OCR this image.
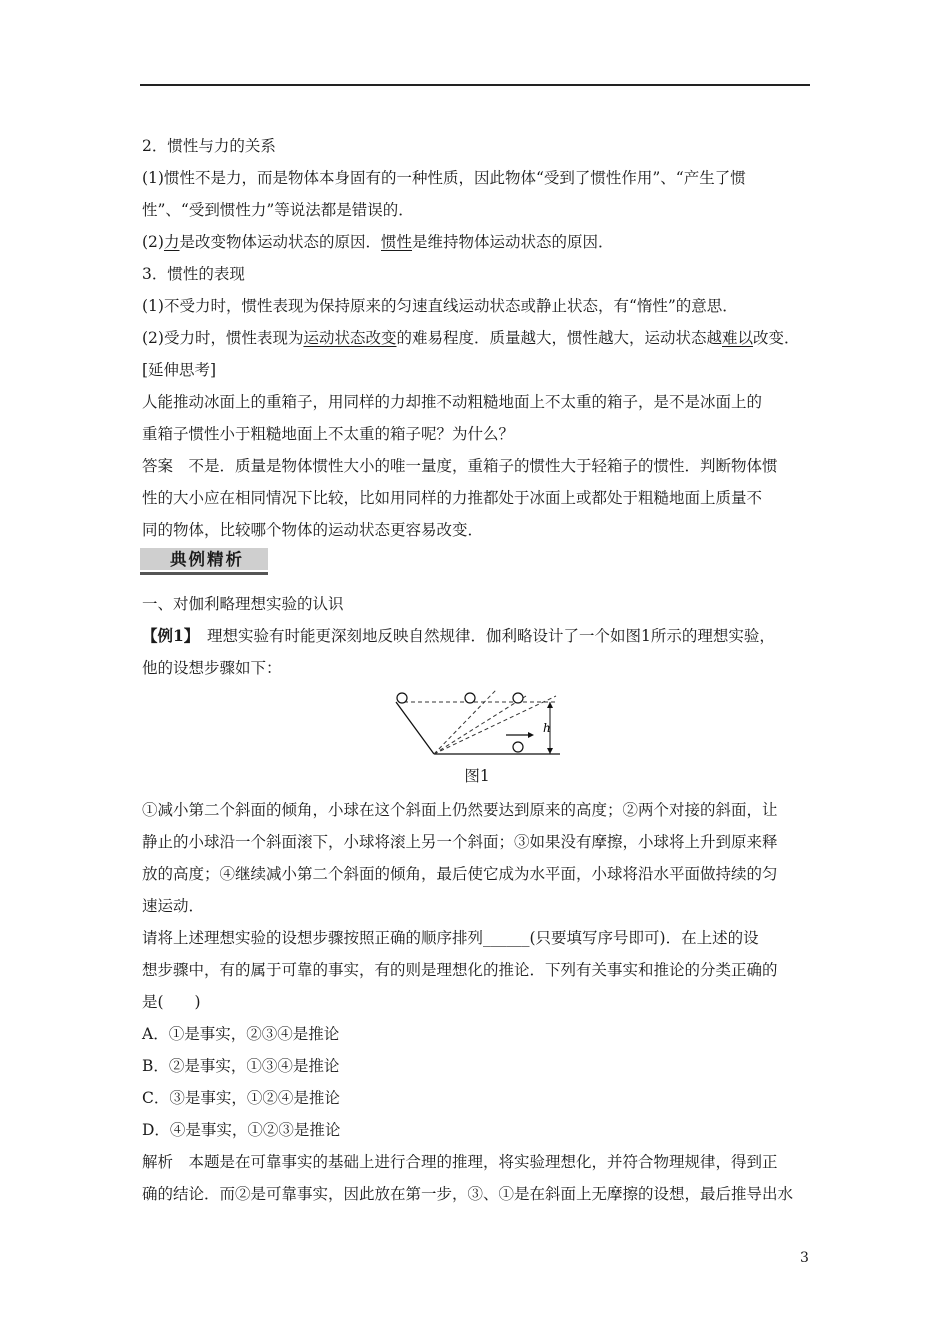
2．惯性与力的关系
(1)惯性不是力，而是物体本身固有的一种性质，因此物体“受到了惯性作用”、“产生了惯
性”、“受到惯性力”等说法都是错误的．
(2)力是改变物体运动状态的原因．惯性是维持物体运动状态的原因．
3．惯性的表现
(1)不受力时，惯性表现为保持原来的匀速直线运动状态或静止状态，有“惰性”的意思．
(2)受力时，惯性表现为运动状态改变的难易程度．质量越大，惯性越大，运动状态越难以改变．
[延伸思考]
人能推动冰面上的重箱子，用同样的力却推不动粗糙地面上不太重的箱子，是不是冰面上的
重箱子惯性小于粗糙地面上不太重的箱子呢？为什么？
答案　不是．质量是物体惯性大小的唯一量度，重箱子的惯性大于轻箱子的惯性．判断物体惯
性的大小应在相同情况下比较，比如用同样的力推都处于冰面上或都处于粗糙地面上质量不
同的物体，比较哪个物体的运动状态更容易改变．
典例精析
一、对伽利略理想实验的认识
【例1】　理想实验有时能更深刻地反映自然规律．伽利略设计了一个如图1所示的理想实验，
他的设想步骤如下：
h
图1
①减小第二个斜面的倾角，小球在这个斜面上仍然要达到原来的高度；②两个对接的斜面，让
静止的小球沿一个斜面滚下，小球将滚上另一个斜面；③如果没有摩擦，小球将上升到原来释
放的高度；④继续减小第二个斜面的倾角，最后使它成为水平面，小球将沿水平面做持续的匀
速运动．
请将上述理想实验的设想步骤按照正确的顺序排列______(只要填写序号即可)．在上述的设
想步骤中，有的属于可靠的事实，有的则是理想化的推论．下列有关事实和推论的分类正确的
是(　　)
A．①是事实，②③④是推论
B．②是事实，①③④是推论
C．③是事实，①②④是推论
D．④是事实，①②③是推论
解析　本题是在可靠事实的基础上进行合理的推理，将实验理想化，并符合物理规律，得到正
确的结论．而②是可靠事实，因此放在第一步，③、①是在斜面上无摩擦的设想，最后推导出水
3
